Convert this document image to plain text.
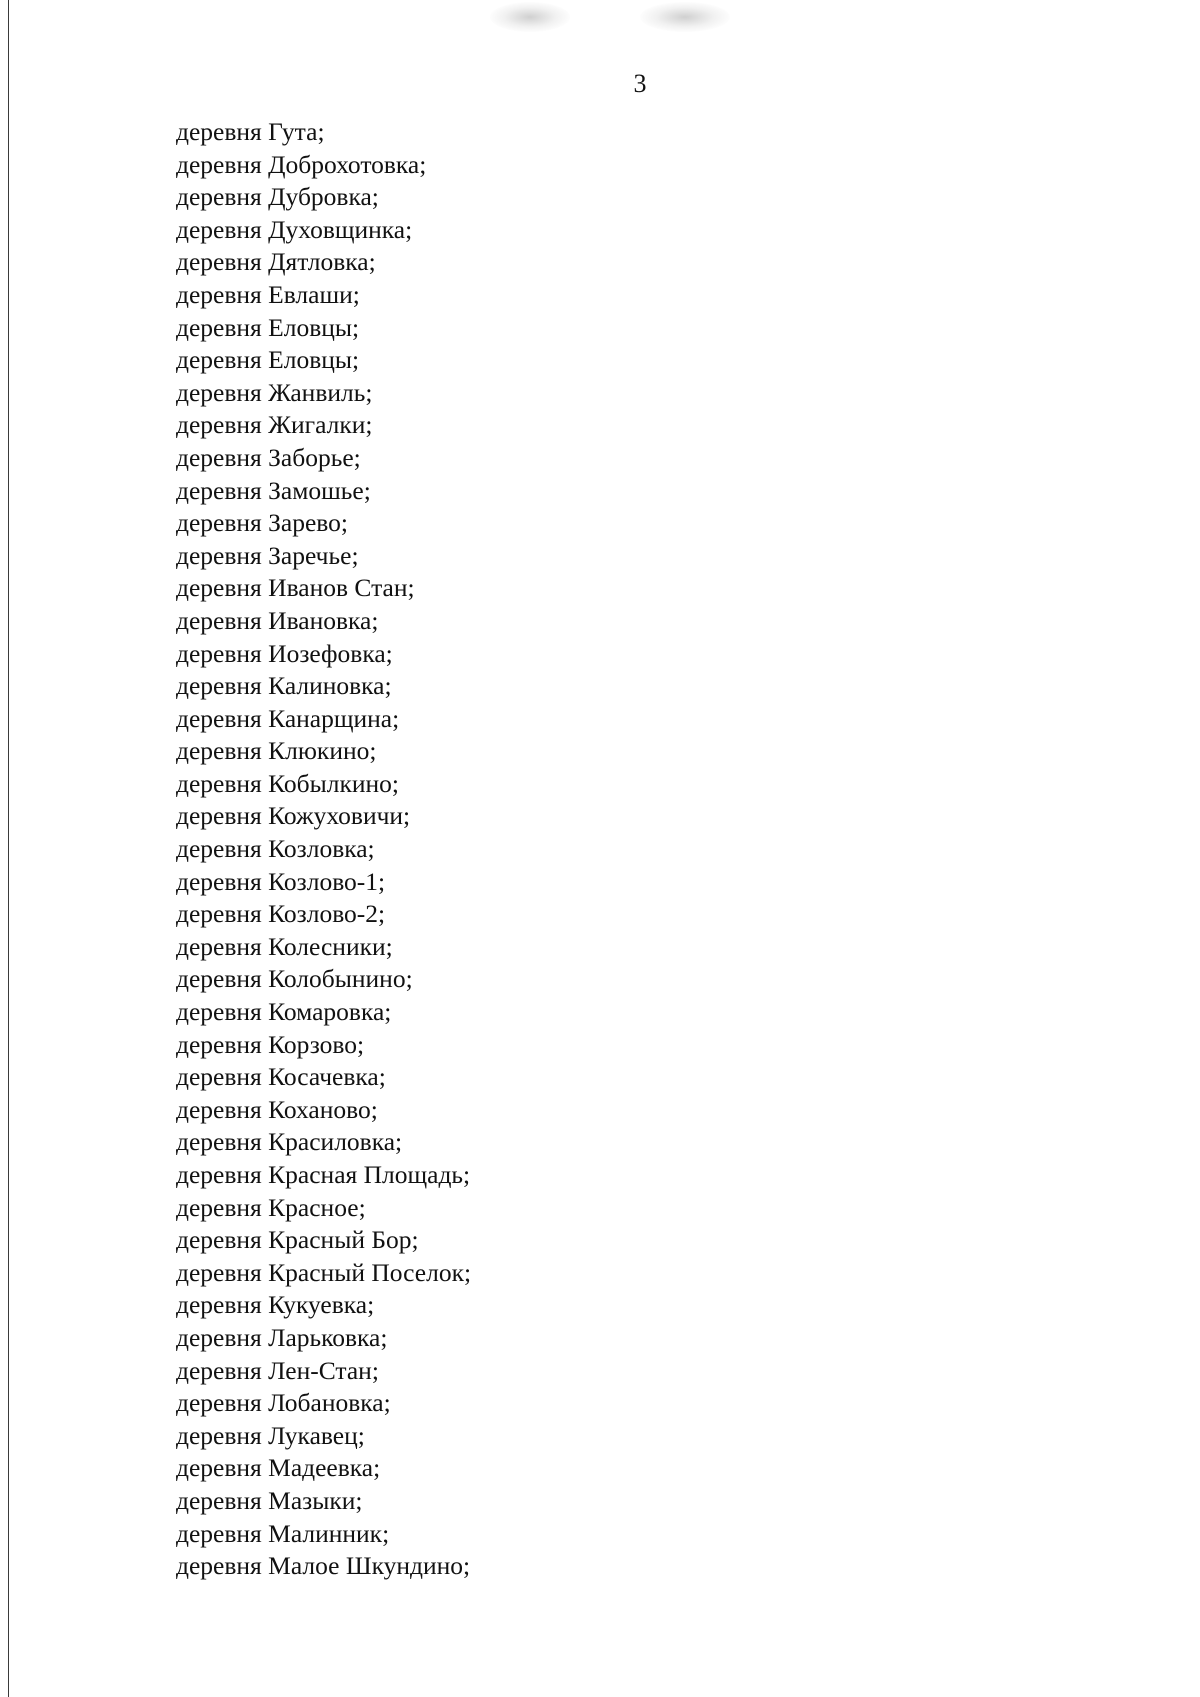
3
деревня Гута;
деревня Доброхотовка;
деревня Дубровка;
деревня Духовщинка;
деревня Дятловка;
деревня Евлаши;
деревня Еловцы;
деревня Еловцы;
деревня Жанвиль;
деревня Жигалки;
деревня Заборье;
деревня Замошье;
деревня Зарево;
деревня Заречье;
деревня Иванов Стан;
деревня Ивановка;
деревня Иозефовка;
деревня Калиновка;
деревня Канарщина;
деревня Клюкино;
деревня Кобылкино;
деревня Кожуховичи;
деревня Козловка;
деревня Козлово-1;
деревня Козлово-2;
деревня Колесники;
деревня Колобынино;
деревня Комаровка;
деревня Корзово;
деревня Косачевка;
деревня Коханово;
деревня Красиловка;
деревня Красная Площадь;
деревня Красное;
деревня Красный Бор;
деревня Красный Поселок;
деревня Кукуевка;
деревня Ларьковка;
деревня Лен-Стан;
деревня Лобановка;
деревня Лукавец;
деревня Мадеевка;
деревня Мазыки;
деревня Малинник;
деревня Малое Шкундино;
